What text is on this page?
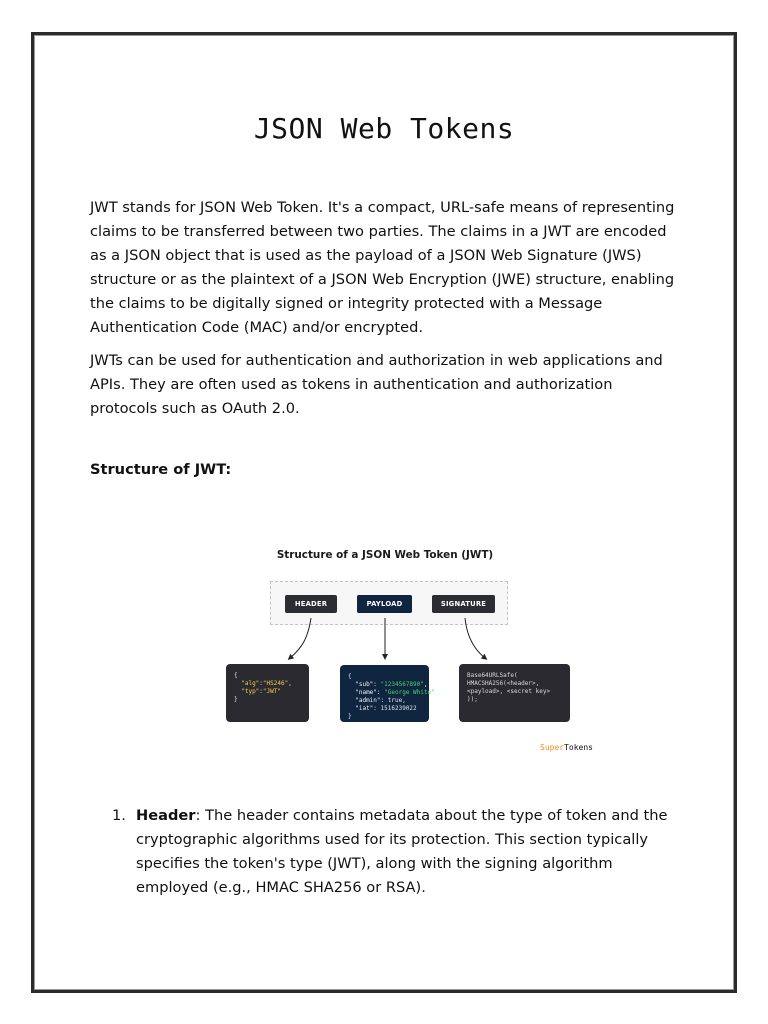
JSON Web Tokens

JWT stands for JSON Web Token. It's a compact, URL-safe means of representing claims to be transferred between two parties. The claims in a JWT are encoded as a JSON object that is used as the payload of a JSON Web Signature (JWS) structure or as the plaintext of a JSON Web Encryption (JWE) structure, enabling the claims to be digitally signed or integrity protected with a Message Authentication Code (MAC) and/or encrypted.

JWTs can be used for authentication and authorization in web applications and APIs. They are often used as tokens in authentication and authorization protocols such as OAuth 2.0.

Structure of JWT:
Structure of a JSON Web Token (JWT)
HEADER	PAYLOAD	SIGNATURE
{
"alg":"HS246",
"typ":"JWT"
}
{
"sub": "1234567890",
"name": "George White",
"admin": true,
"iat": 1516239022
}
Base64URLSafe(
HMACSHA256(<header>,
<payload>, <secret key>
));
SuperTokens
1. Header: The header contains metadata about the type of token and the cryptographic algorithms used for its protection. This section typically specifies the token's type (JWT), along with the signing algorithm employed (e.g., HMAC SHA256 or RSA).
